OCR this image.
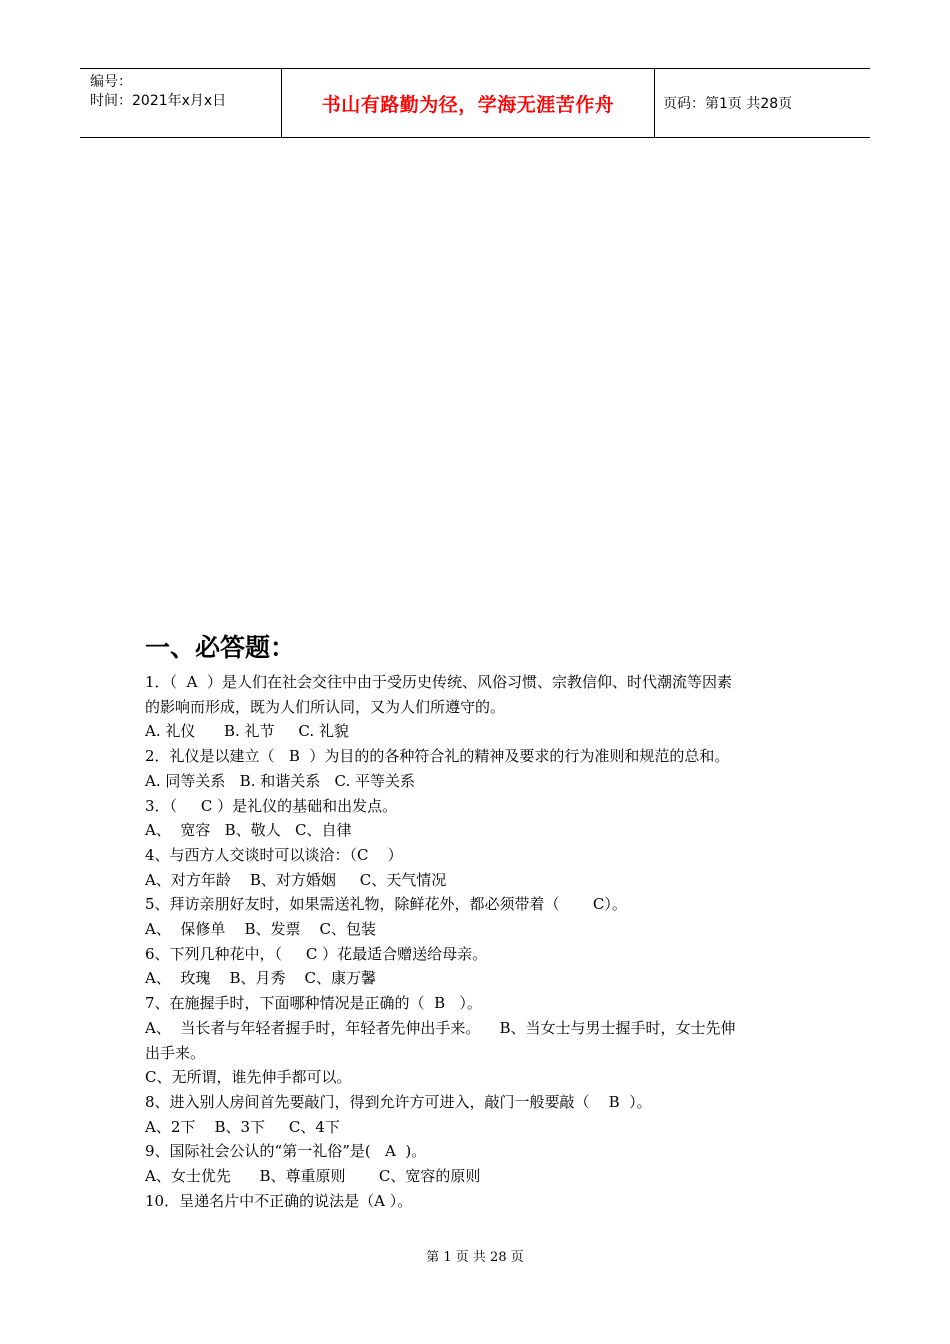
编号：
时间：2021年x月x日	书山有路勤为径，学海无涯苦作舟	页码：第1页 共28页
一、必答题：
1．（  A  ）是人们在社会交往中由于受历史传统、风俗习惯、宗教信仰、时代潮流等因素
的影响而形成，既为人们所认同，又为人们所遵守的。
A. 礼仪      B. 礼节     C. 礼貌
2．礼仪是以建立（   B  ）为目的的各种符合礼的精神及要求的行为准则和规范的总和。
A. 同等关系   B. 和谐关系   C. 平等关系
3．（     C ）是礼仪的基础和出发点。
A、  宽容   B、敬人   C、自律
4、与西方人交谈时可以谈洽：（C    ）
A、对方年龄    B、对方婚姻     C、天气情况
5、拜访亲朋好友时，如果需送礼物，除鲜花外，都必须带着（       C）。
A、  保修单    B、发票    C、包装
6、下列几种花中，（     C ）花最适合赠送给母亲。
A、  玫瑰    B、月秀    C、康万馨
7、在施握手时，下面哪种情况是正确的（  B   ）。
A、  当长者与年轻者握手时，年轻者先伸出手来。    B、当女士与男士握手时，女士先伸
出手来。
C、无所谓，谁先伸手都可以。
8、进入别人房间首先要敲门，得到允许方可进入，敲门一般要敲（    B  ）。
A、2下    B、3下     C、4下
9、国际社会公认的“第一礼俗”是(   A  )。
A、女士优先      B、尊重原则       C、宽容的原则
10．呈递名片中不正确的说法是（A ）。
第 1 页 共 28 页
